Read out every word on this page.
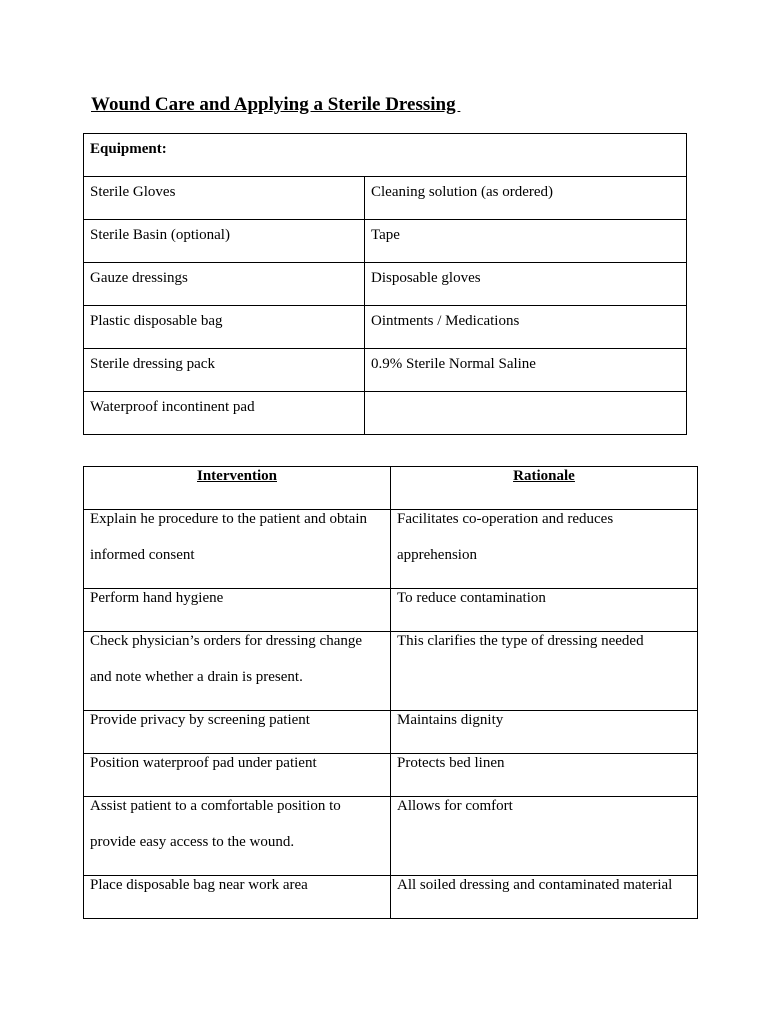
Wound Care and Applying a Sterile Dressing
Equipment:	
Sterile Gloves	Cleaning solution (as ordered)
Sterile Basin (optional)	Tape
Gauze dressings	Disposable gloves
Plastic disposable bag	Ointments / Medications
Sterile dressing pack	0.9% Sterile Normal Saline
Waterproof incontinent pad	
Intervention	Rationale

Explain he procedure to the patient and obtain informed consent	Facilitates co-operation and reduces apprehension

Perform hand hygiene	To reduce contamination

Check physician’s orders for dressing change and note whether a drain is present.	This clarifies the type of dressing needed

Provide privacy by screening patient	Maintains dignity

Position waterproof pad under patient	Protects bed linen

Assist patient to a comfortable position to provide easy access to the wound.	Allows for comfort

Place disposable bag near work area	All soiled dressing and contaminated material
